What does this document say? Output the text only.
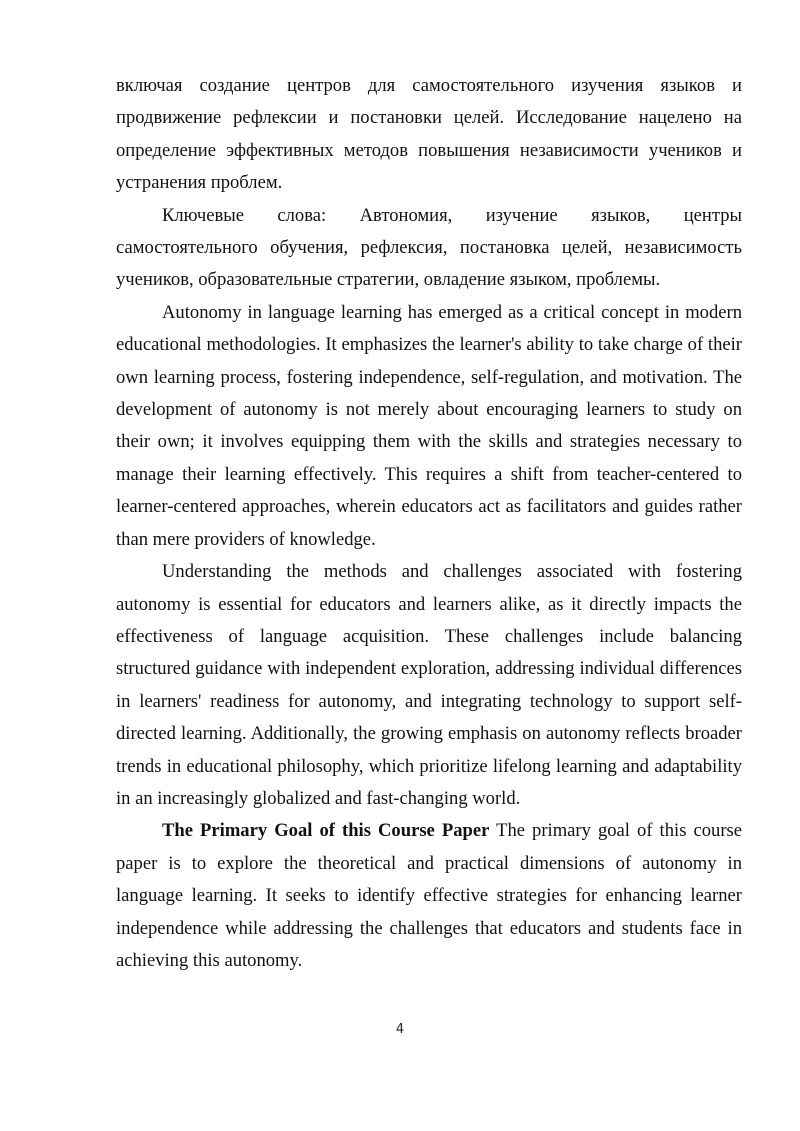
включая создание центров для самостоятельного изучения языков и продвижение рефлексии и постановки целей. Исследование нацелено на определение эффективных методов повышения независимости учеников и устранения проблем.

Ключевые слова: Автономия, изучение языков, центры самостоятельного обучения, рефлексия, постановка целей, независимость учеников, образовательные стратегии, овладение языком, проблемы.

Autonomy in language learning has emerged as a critical concept in modern educational methodologies. It emphasizes the learner's ability to take charge of their own learning process, fostering independence, self-regulation, and motivation. The development of autonomy is not merely about encouraging learners to study on their own; it involves equipping them with the skills and strategies necessary to manage their learning effectively. This requires a shift from teacher-centered to learner-centered approaches, wherein educators act as facilitators and guides rather than mere providers of knowledge.

Understanding the methods and challenges associated with fostering autonomy is essential for educators and learners alike, as it directly impacts the effectiveness of language acquisition. These challenges include balancing structured guidance with independent exploration, addressing individual differences in learners' readiness for autonomy, and integrating technology to support self-directed learning. Additionally, the growing emphasis on autonomy reflects broader trends in educational philosophy, which prioritize lifelong learning and adaptability in an increasingly globalized and fast-changing world.

The Primary Goal of this Course Paper The primary goal of this course paper is to explore the theoretical and practical dimensions of autonomy in language learning. It seeks to identify effective strategies for enhancing learner independence while addressing the challenges that educators and students face in achieving this autonomy.

4
